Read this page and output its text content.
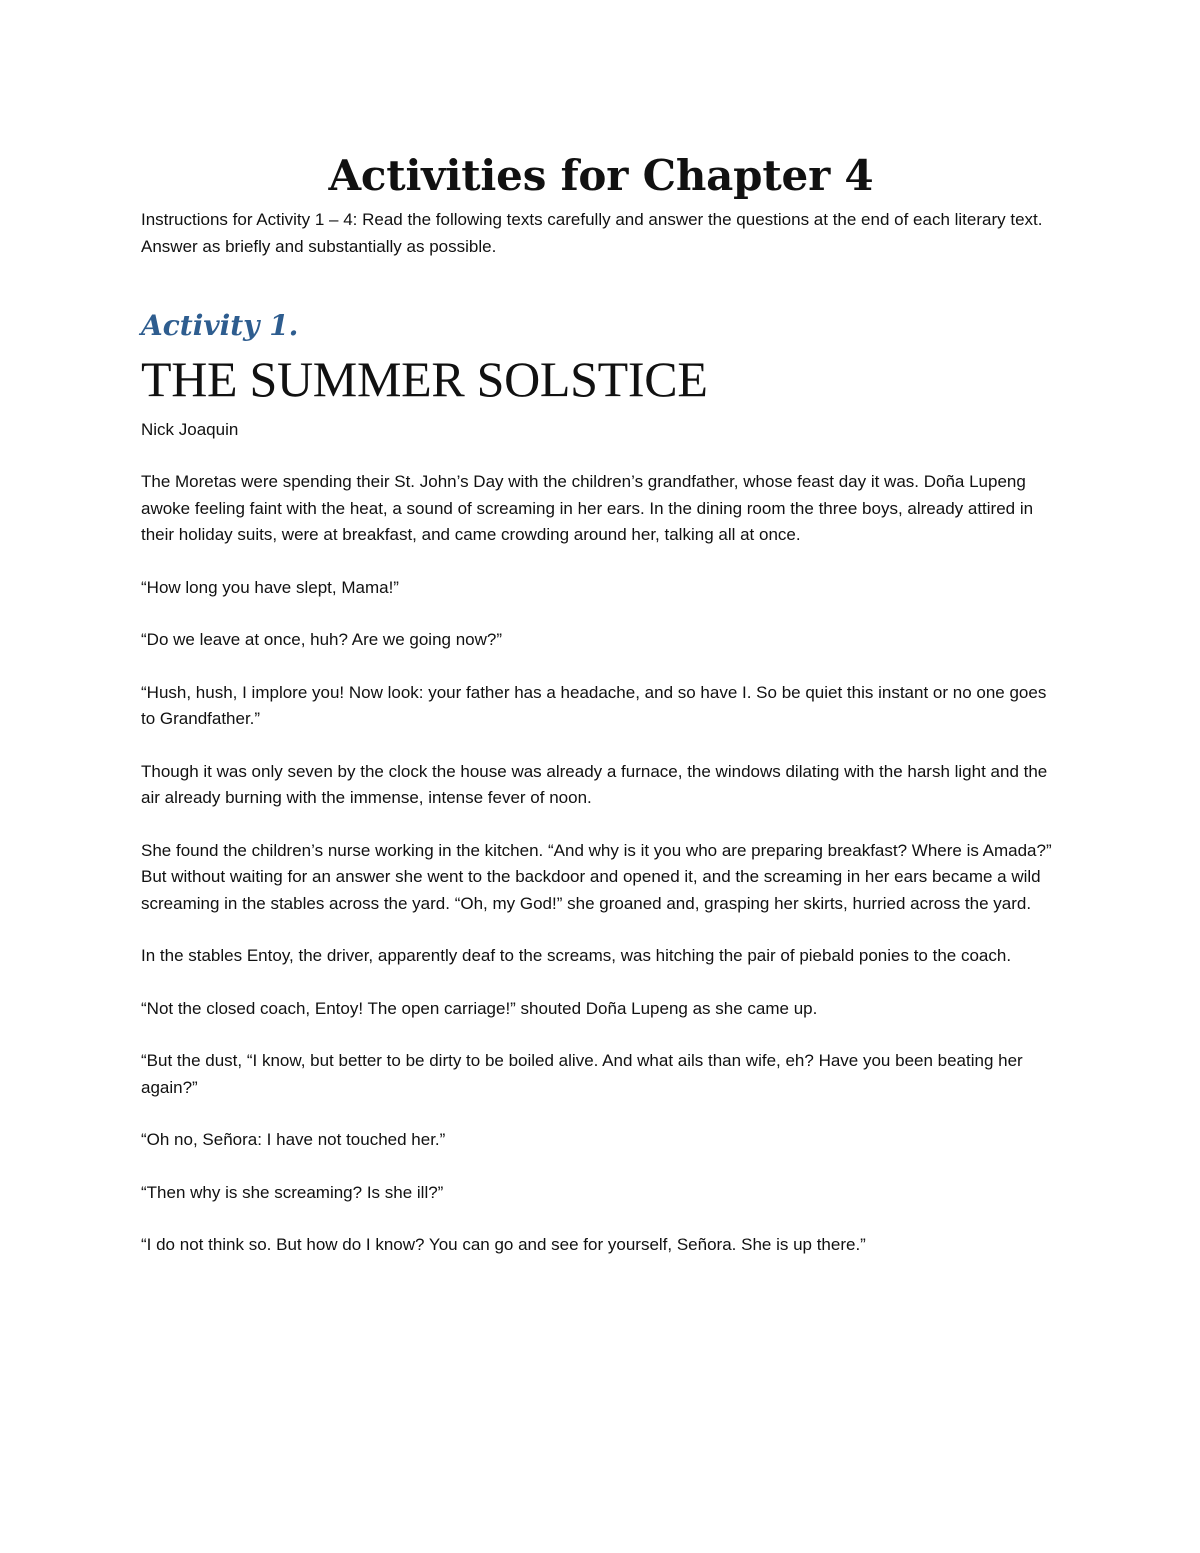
Activities for Chapter 4

Instructions for Activity 1 – 4: Read the following texts carefully and answer the questions at the end of each literary text. Answer as briefly and substantially as possible.

Activity 1.
THE SUMMER SOLSTICE

Nick Joaquin

The Moretas were spending their St. John’s Day with the children’s grandfather, whose feast day it was. Doña Lupeng awoke feeling faint with the heat, a sound of screaming in her ears. In the dining room the three boys, already attired in their holiday suits, were at breakfast, and came crowding around her, talking all at once.

“How long you have slept, Mama!”

“Do we leave at once, huh? Are we going now?”

“Hush, hush, I implore you! Now look: your father has a headache, and so have I. So be quiet this instant or no one goes to Grandfather.”

Though it was only seven by the clock the house was already a furnace, the windows dilating with the harsh light and the air already burning with the immense, intense fever of noon.

She found the children’s nurse working in the kitchen. “And why is it you who are preparing breakfast? Where is Amada?” But without waiting for an answer she went to the backdoor and opened it, and the screaming in her ears became a wild screaming in the stables across the yard. “Oh, my God!” she groaned and, grasping her skirts, hurried across the yard.

In the stables Entoy, the driver, apparently deaf to the screams, was hitching the pair of piebald ponies to the coach.

“Not the closed coach, Entoy! The open carriage!” shouted Doña Lupeng as she came up.

“But the dust, “I know, but better to be dirty to be boiled alive. And what ails than wife, eh? Have you been beating her again?”

“Oh no, Señora: I have not touched her.”

“Then why is she screaming? Is she ill?”

“I do not think so. But how do I know? You can go and see for yourself, Señora. She is up there.”
